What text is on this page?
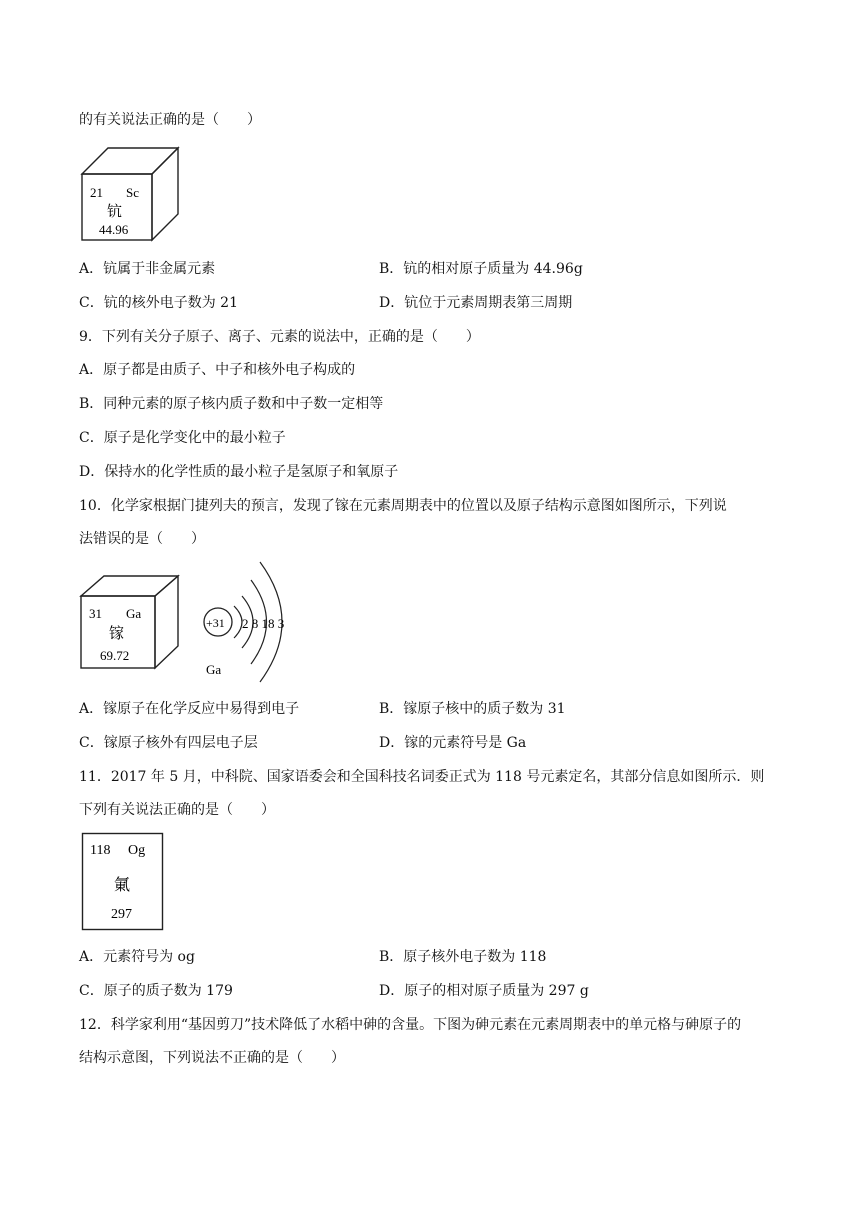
的有关说法正确的是（　　）
21 Sc
钪
44.96
A．钪属于非金属元素	B．钪的相对原子质量为 44.96g
C．钪的核外电子数为 21	D．钪位于元素周期表第三周期
9．下列有关分子原子、离子、元素的说法中，正确的是（　　）
A．原子都是由质子、中子和核外电子构成的
B．同种元素的原子核内质子数和中子数一定相等
C．原子是化学变化中的最小粒子
D．保持水的化学性质的最小粒子是氢原子和氧原子
10．化学家根据门捷列夫的预言，发现了镓在元素周期表中的位置以及原子结构示意图如图所示，下列说
法错误的是（　　）
31 Ga
镓
69.72
+31 2 8 18 3
Ga
A．镓原子在化学反应中易得到电子	B．镓原子核中的质子数为 31
C．镓原子核外有四层电子层	D．镓的元素符号是 Ga
11．2017 年 5 月，中科院、国家语委会和全国科技名词委正式为 118 号元素定名，其部分信息如图所示．则
下列有关说法正确的是（　　）
118 Og
氭
297
A．元素符号为 og	B．原子核外电子数为 118
C．原子的质子数为 179	D．原子的相对原子质量为 297 g
12．科学家利用“基因剪刀”技术降低了水稻中砷的含量。下图为砷元素在元素周期表中的单元格与砷原子的
结构示意图，下列说法不正确的是（　　）
